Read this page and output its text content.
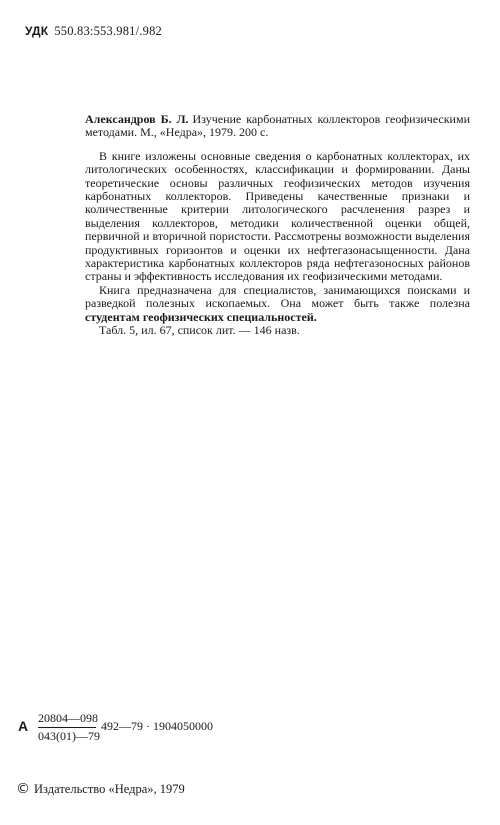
УДК 550.83:553.981/.982

Александров Б. Л. Изучение карбонатных коллекторов геофизическими методами. М., «Недра», 1979. 200 с.

В книге изложены основные сведения о карбонатных коллекторах, их литологических особенностях, классификации и формировании. Даны теоретические основы различных геофизических методов изучения карбонатных коллекторов. Приведены качественные признаки и количественные критерии литологического расчленения разрез и выделения коллекторов, методики количественной оценки общей, первичной и вторичной пористости. Рассмотрены возможности выделения продуктивных горизонтов и оценки их нефтегазонасыщенности. Дана характеристика карбонатных коллекторов ряда нефтегазоносных районов страны и эффективность исследования их геофизическими методами.

Книга предназначена для специалистов, занимающихся поисками и разведкой полезных ископаемых. Она может быть также полезна студентам геофизических специальностей.

Табл. 5, ил. 67, список лит. — 146 назв.

А $\frac{20804—098}{043(01)—79}$ 492—79 · 1904050000
© Издательство «Недра», 1979
